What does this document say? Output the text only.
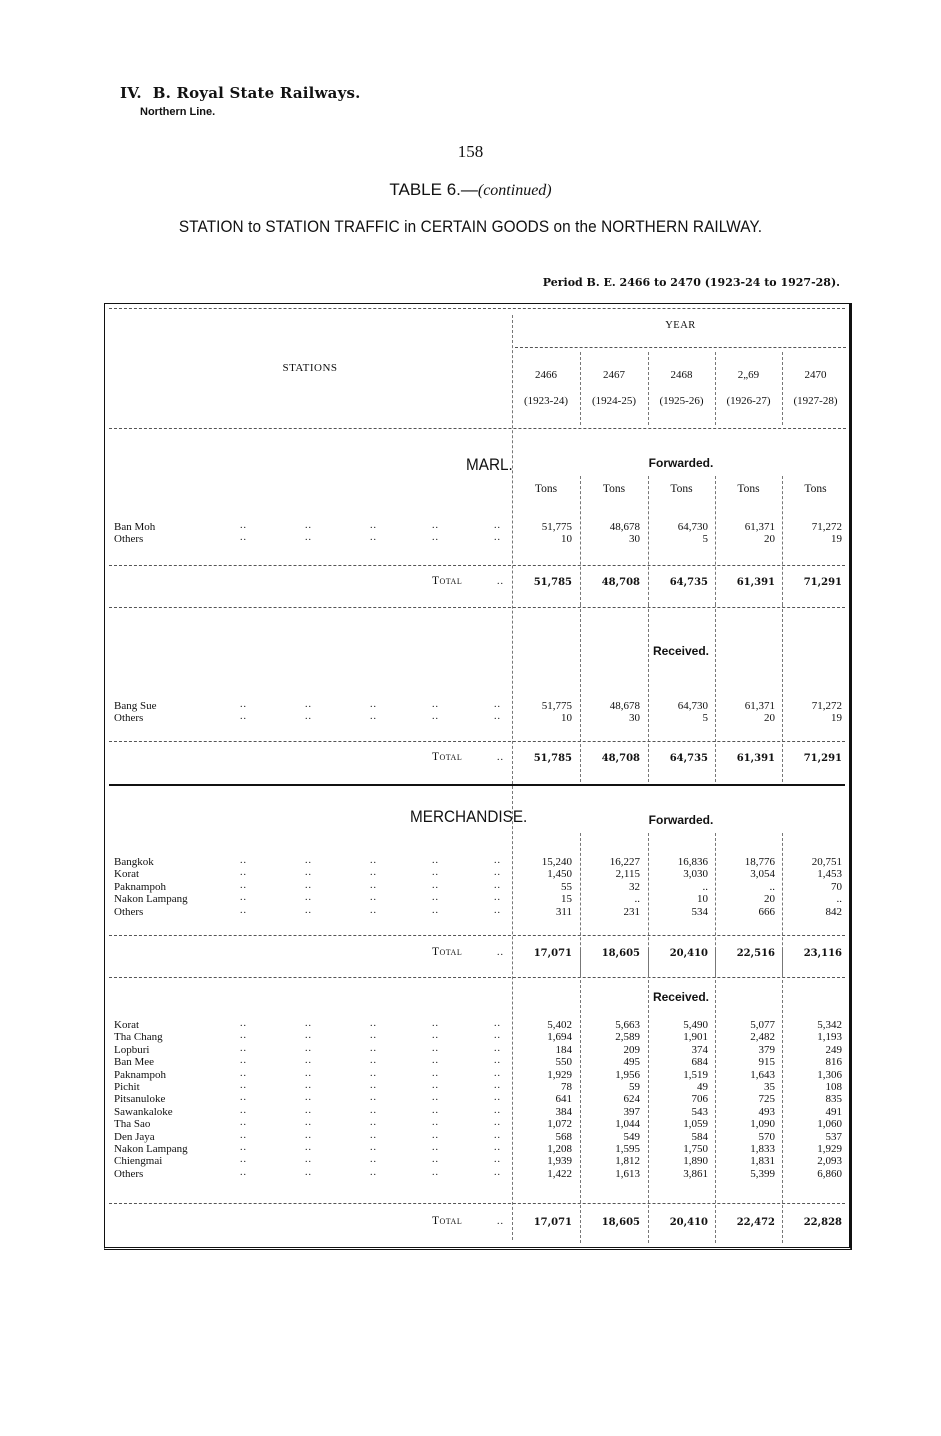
IV. B. Royal State Railways.
Northern Line.
158
TABLE 6.—(continued)
STATION to STATION TRAFFIC in CERTAIN GOODS on the NORTHERN RAILWAY.
Period B. E. 2466 to 2470 (1923-24 to 1927-28).
STATIONS
YEAR
2466
(1923-24)
2467
(1924-25)
2468
(1925-26)
2„69
(1926-27)
2470
(1927-28)
MARL.	Forwarded.
Tons	Tons	Tons	Tons	Tons
Ban Moh	..	..	..	..	..	51,775	48,678	64,730	61,371	71,272
Others	..	..	..	..	..	10	30	5	20	19
Total	..	51,785	48,708	64,735	61,391	71,291
Received.
Bang Sue	..	..	..	..	..	51,775	48,678	64,730	61,371	71,272
Others	..	..	..	..	..	10	30	5	20	19
Total	..	51,785	48,708	64,735	61,391	71,291
MERCHANDISE.	Forwarded.
Bangkok	..	..	..	..	..	15,240	16,227	16,836	18,776	20,751
Korat	..	..	..	..	..	1,450	2,115	3,030	3,054	1,453
Paknampoh	..	..	..	..	..	55	32	..	..	70
Nakon Lampang	..	..	..	..	..	15	..	10	20	..
Others	..	..	..	..	..	311	231	534	666	842
Total	..	17,071	18,605	20,410	22,516	23,116
Received.
Korat	..	..	..	..	..	5,402	5,663	5,490	5,077	5,342
Tha Chang	..	..	..	..	..	1,694	2,589	1,901	2,482	1,193
Lopburi	..	..	..	..	..	184	209	374	379	249
Ban Mee	..	..	..	..	..	550	495	684	915	816
Paknampoh	..	..	..	..	..	1,929	1,956	1,519	1,643	1,306
Pichit	..	..	..	..	..	78	59	49	35	108
Pitsanuloke	..	..	..	..	..	641	624	706	725	835
Sawankaloke	..	..	..	..	..	384	397	543	493	491
Tha Sao	..	..	..	..	..	1,072	1,044	1,059	1,090	1,060
Den Jaya	..	..	..	..	..	568	549	584	570	537
Nakon Lampang	..	..	..	..	..	1,208	1,595	1,750	1,833	1,929
Chiengmai	..	..	..	..	..	1,939	1,812	1,890	1,831	2,093
Others	..	..	..	..	..	1,422	1,613	3,861	5,399	6,860
Total	..	17,071	18,605	20,410	22,472	22,828
